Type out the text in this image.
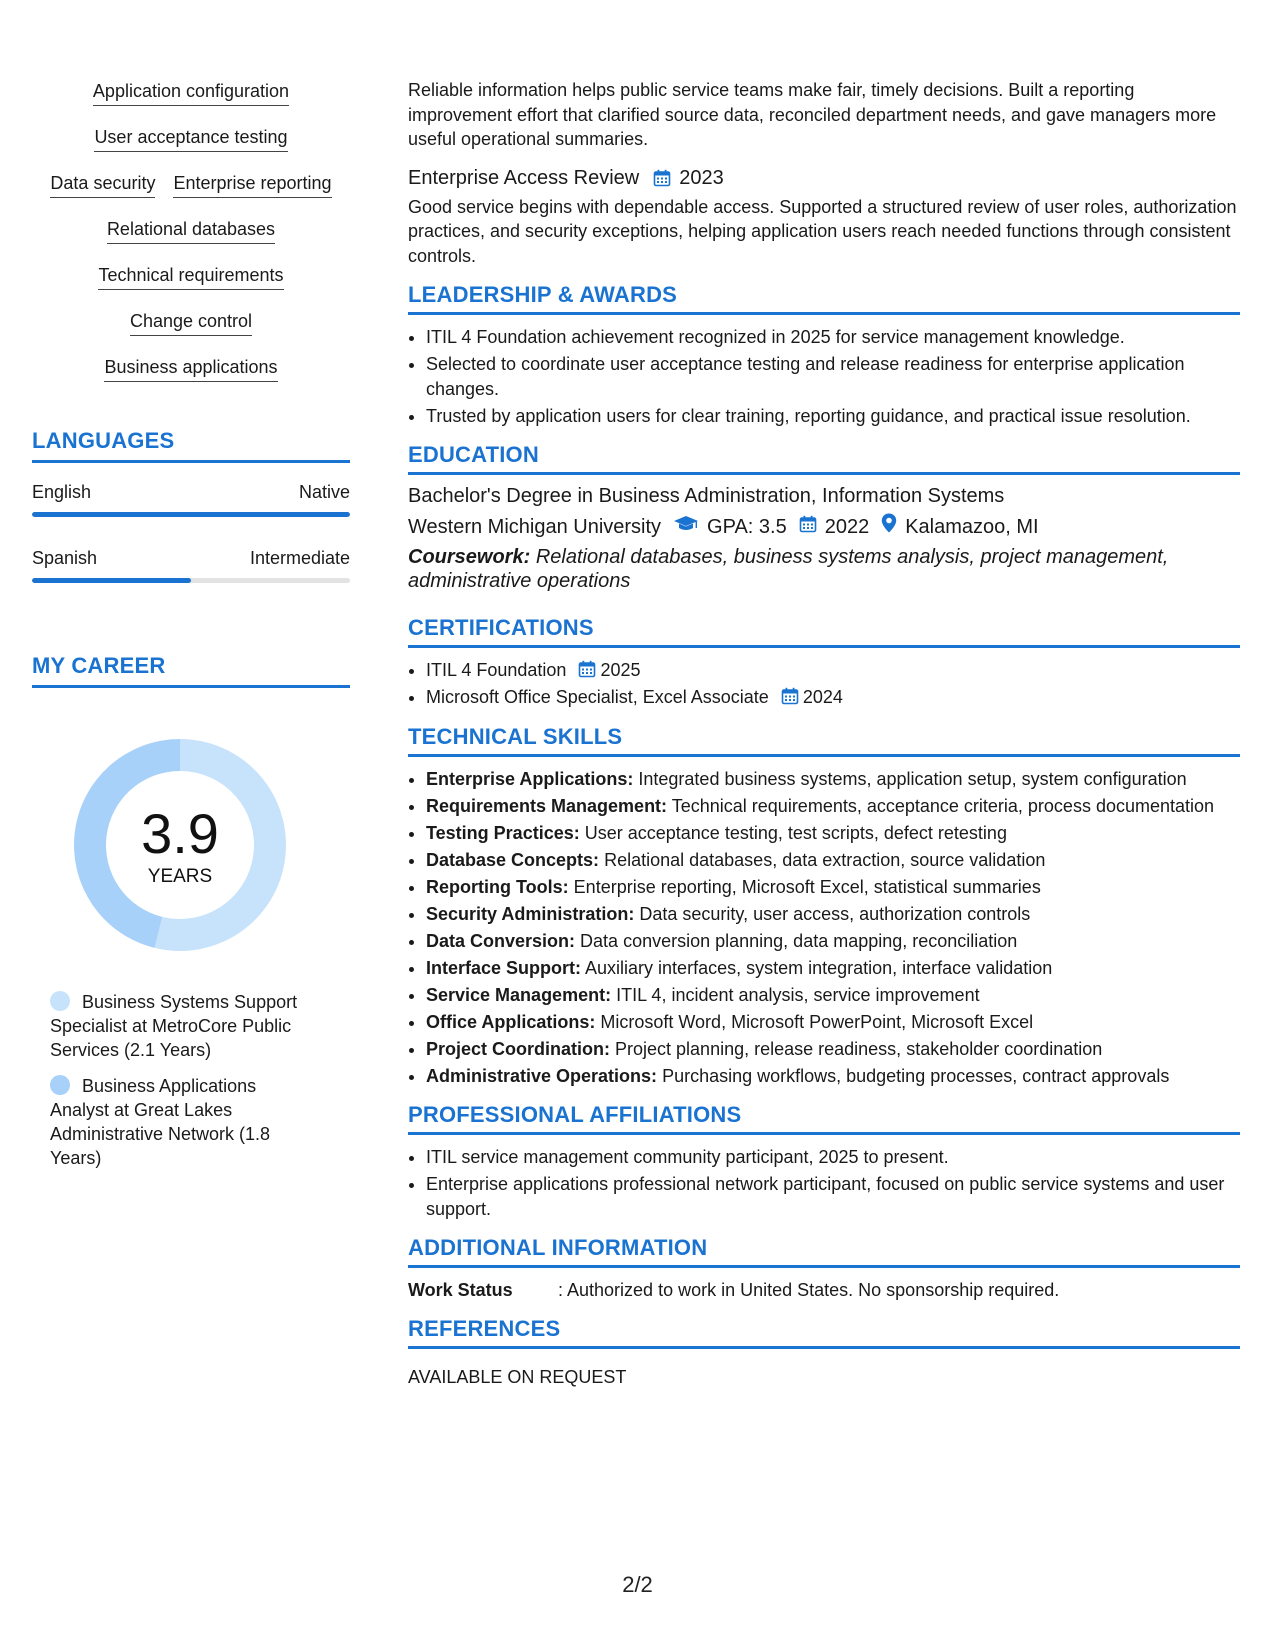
Application configuration
User acceptance testing
Data security Enterprise reporting
Relational databases
Technical requirements
Change control
Business applications
LANGUAGES
English	Native
Spanish	Intermediate
MY CAREER
3.9
YEARS
Business Systems Support Specialist at MetroCore Public Services (2.1 Years)
Business Applications Analyst at Great Lakes Administrative Network (1.8 Years)
Reliable information helps public service teams make fair, timely decisions. Built a reporting improvement effort that clarified source data, reconciled department needs, and gave managers more useful operational summaries.
Enterprise Access Review 2023
Good service begins with dependable access. Supported a structured review of user roles, authorization practices, and security exceptions, helping application users reach needed functions through consistent controls.
LEADERSHIP & AWARDS
• ITIL 4 Foundation achievement recognized in 2025 for service management knowledge.
• Selected to coordinate user acceptance testing and release readiness for enterprise application changes.
• Trusted by application users for clear training, reporting guidance, and practical issue resolution.
EDUCATION
Bachelor's Degree in Business Administration, Information Systems
Western Michigan University GPA: 3.5 2022 Kalamazoo, MI
Coursework: Relational databases, business systems analysis, project management, administrative operations
CERTIFICATIONS
• ITIL 4 Foundation 2025
• Microsoft Office Specialist, Excel Associate 2024
TECHNICAL SKILLS
• Enterprise Applications: Integrated business systems, application setup, system configuration
• Requirements Management: Technical requirements, acceptance criteria, process documentation
• Testing Practices: User acceptance testing, test scripts, defect retesting
• Database Concepts: Relational databases, data extraction, source validation
• Reporting Tools: Enterprise reporting, Microsoft Excel, statistical summaries
• Security Administration: Data security, user access, authorization controls
• Data Conversion: Data conversion planning, data mapping, reconciliation
• Interface Support: Auxiliary interfaces, system integration, interface validation
• Service Management: ITIL 4, incident analysis, service improvement
• Office Applications: Microsoft Word, Microsoft PowerPoint, Microsoft Excel
• Project Coordination: Project planning, release readiness, stakeholder coordination
• Administrative Operations: Purchasing workflows, budgeting processes, contract approvals
PROFESSIONAL AFFILIATIONS
• ITIL service management community participant, 2025 to present.
• Enterprise applications professional network participant, focused on public service systems and user support.
ADDITIONAL INFORMATION
Work Status	: Authorized to work in United States. No sponsorship required.
REFERENCES
AVAILABLE ON REQUEST
2/2
